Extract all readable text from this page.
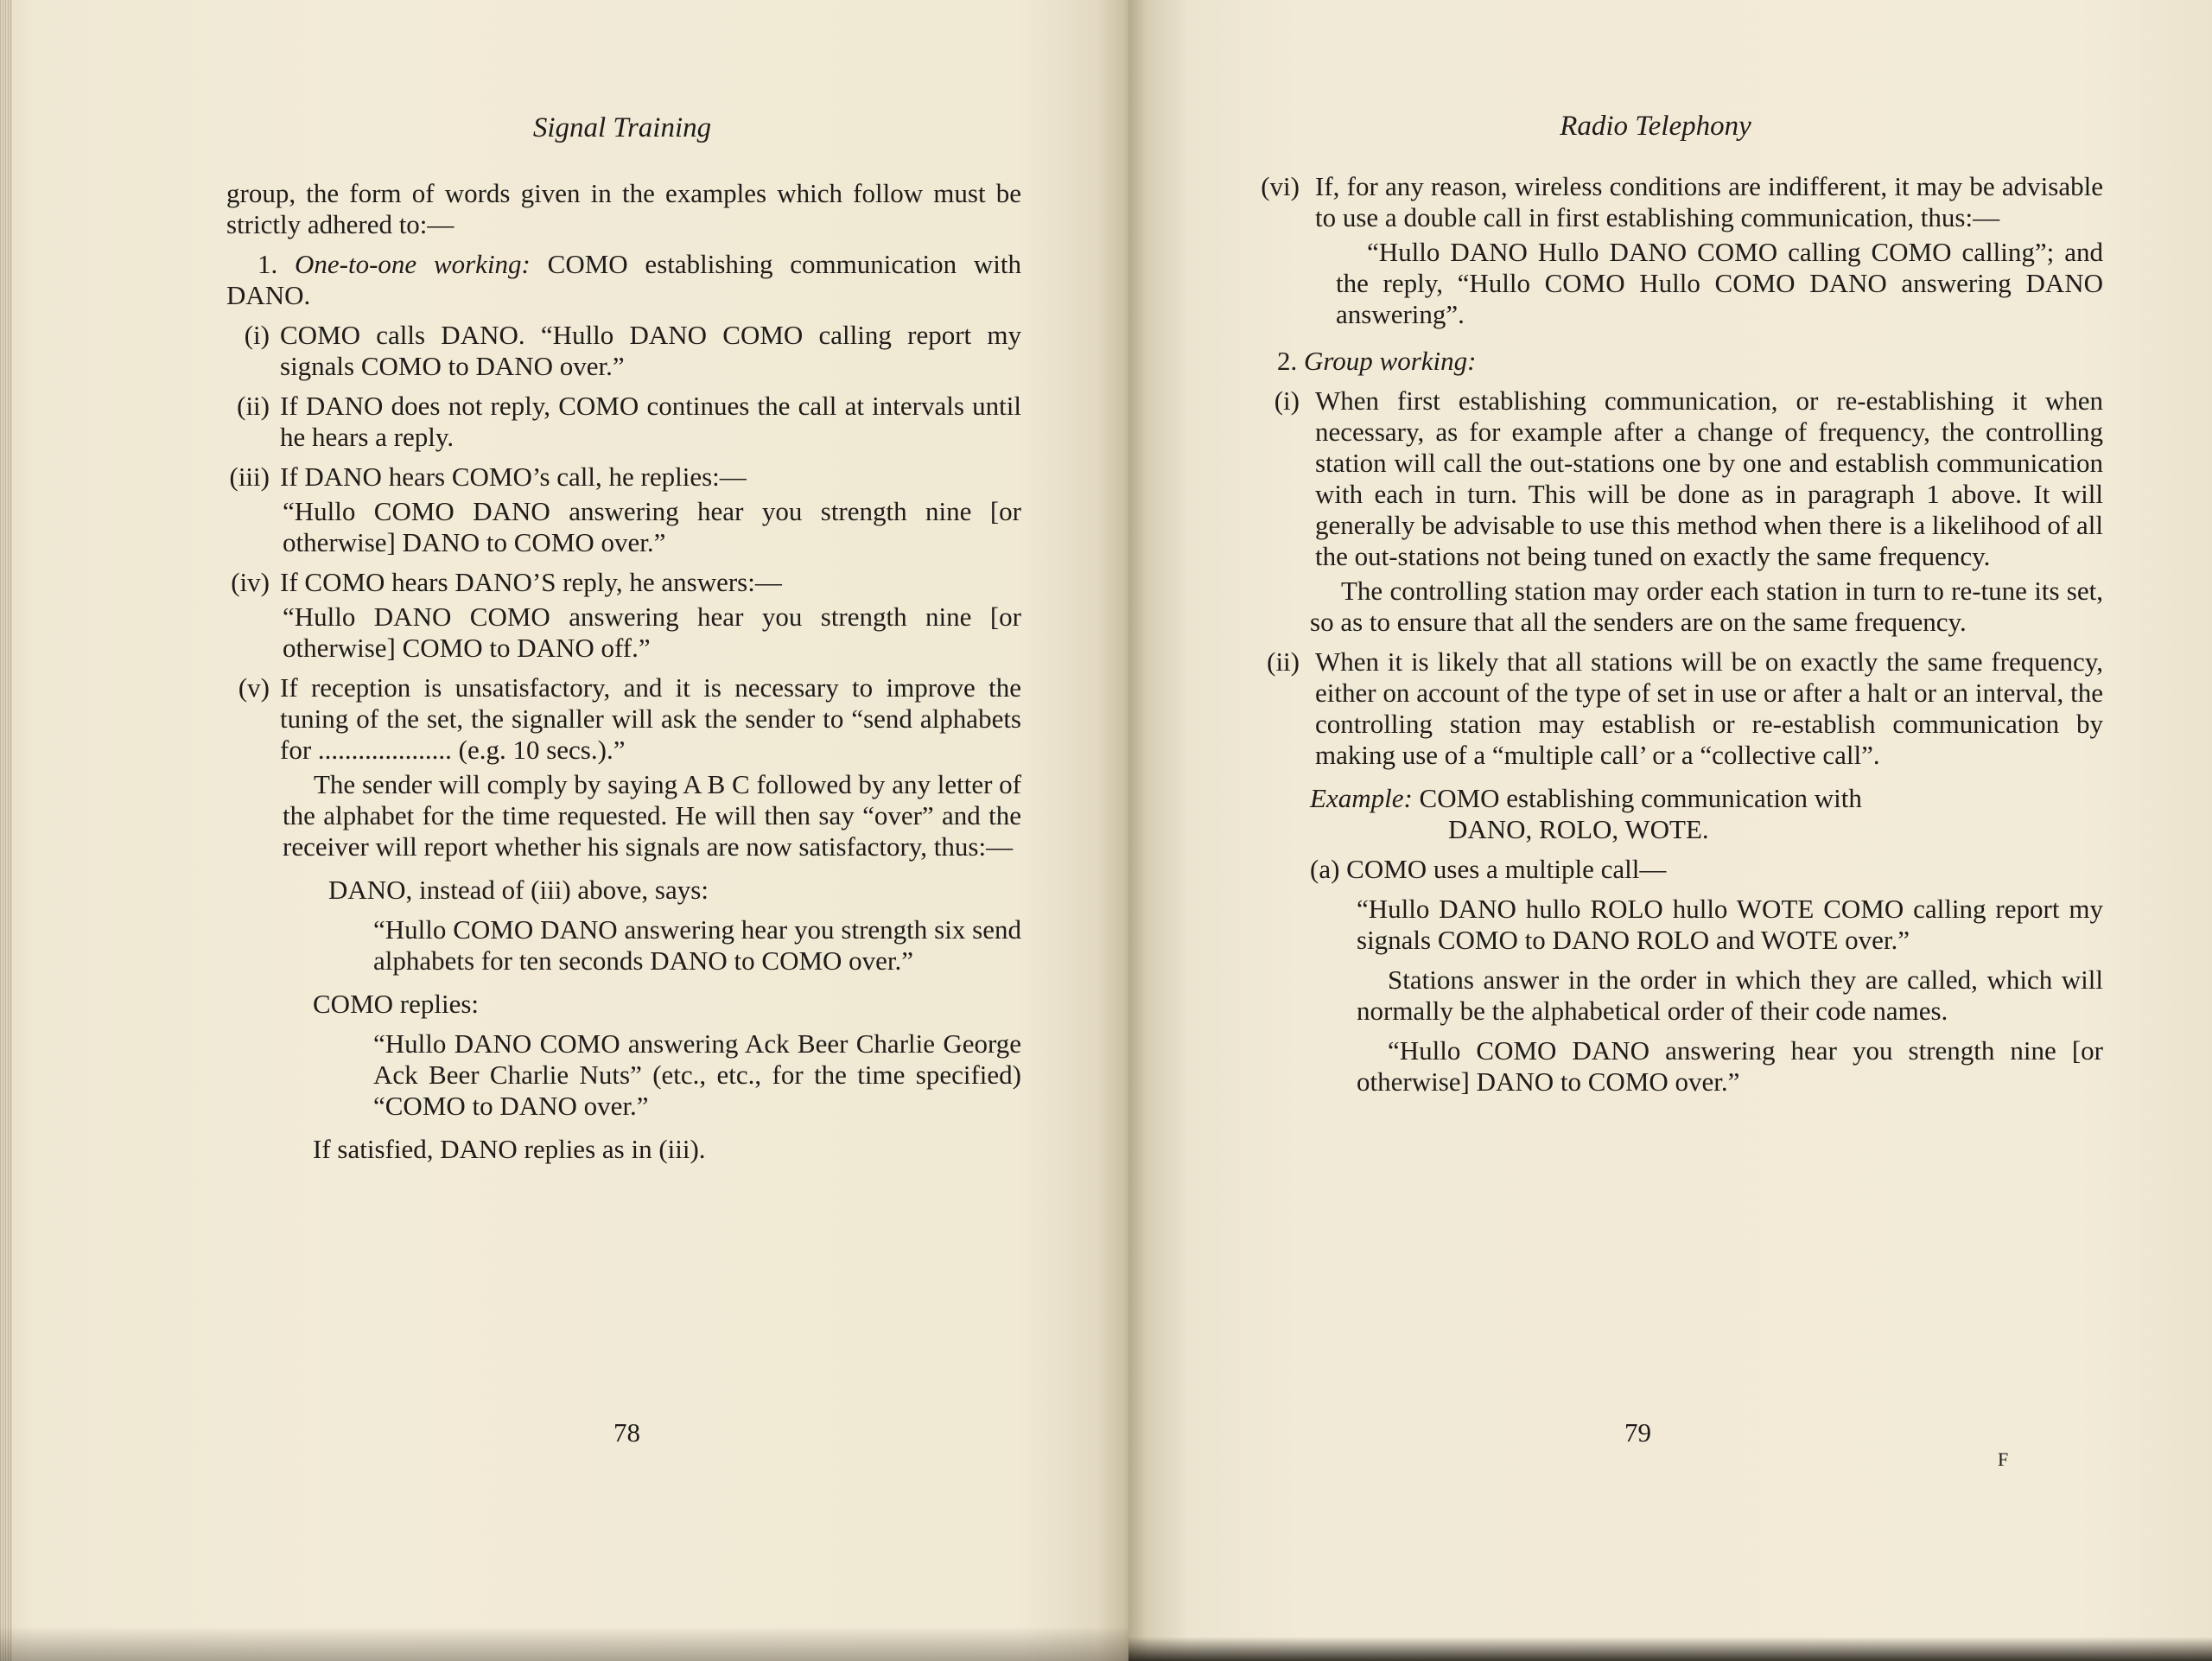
Signal Training
group, the form of words given in the examples which follow must be strictly adhered to:—
1. One-to-one working: COMO establishing communication with DANO.
(i) COMO calls DANO. “Hullo DANO COMO calling report my signals COMO to DANO over.”
(ii) If DANO does not reply, COMO continues the call at intervals until he hears a reply.
(iii) If DANO hears COMO’s call, he replies:—
“Hullo COMO DANO answering hear you strength nine [or otherwise] DANO to COMO over.”
(iv) If COMO hears DANO’S reply, he answers:—
“Hullo DANO COMO answering hear you strength nine [or otherwise] COMO to DANO off.”
(v) If reception is unsatisfactory, and it is necessary to improve the tuning of the set, the signaller will ask the sender to “send alphabets for .................... (e.g. 10 secs.).”
The sender will comply by saying A B C followed by any letter of the alphabet for the time requested. He will then say “over” and the receiver will report whether his signals are now satisfactory, thus:—
DANO, instead of (iii) above, says:
“Hullo COMO DANO answering hear you strength six send alphabets for ten seconds DANO to COMO over.”
COMO replies:
“Hullo DANO COMO answering Ack Beer Charlie George Ack Beer Charlie Nuts” (etc., etc., for the time specified) “COMO to DANO over.”
If satisfied, DANO replies as in (iii).
78
Radio Telephony
(vi) If, for any reason, wireless conditions are indifferent, it may be advisable to use a double call in first establishing communication, thus:—
“Hullo DANO Hullo DANO COMO calling COMO calling”; and the reply, “Hullo COMO Hullo COMO DANO answering DANO answering”.
2. Group working:
(i) When first establishing communication, or re-establishing it when necessary, as for example after a change of frequency, the controlling station will call the out-stations one by one and establish communication with each in turn. This will be done as in paragraph 1 above. It will generally be advisable to use this method when there is a likelihood of all the out-stations not being tuned on exactly the same frequency.
The controlling station may order each station in turn to re-tune its set, so as to ensure that all the senders are on the same frequency.
(ii) When it is likely that all stations will be on exactly the same frequency, either on account of the type of set in use or after a halt or an interval, the controlling station may establish or re-establish communication by making use of a “multiple call’ or a “collective call”.
Example: COMO establishing communication with
DANO, ROLO, WOTE.
(a) COMO uses a multiple call—
“Hullo DANO hullo ROLO hullo WOTE COMO calling report my signals COMO to DANO ROLO and WOTE over.”
Stations answer in the order in which they are called, which will normally be the alphabetical order of their code names.
“Hullo COMO DANO answering hear you strength nine [or otherwise] DANO to COMO over.”
79
F
